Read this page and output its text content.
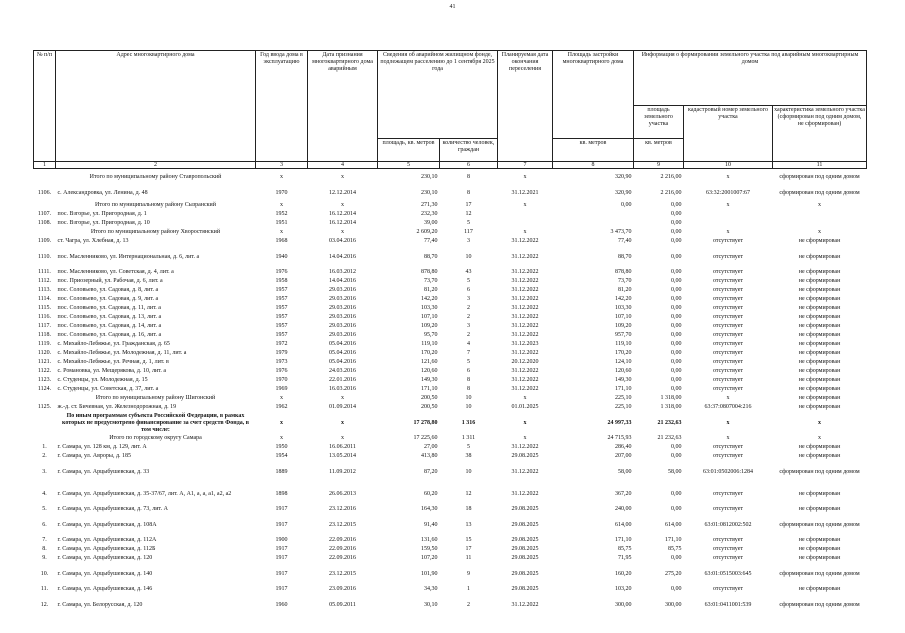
41
№ п/п	Адрес многоквартирного дома	Год ввода дома в эксплуатацию	Дата признания многоквартирного дома аварийным	Сведения об аварийном жилищном фонде, подлежащем расселению до 1 сентября 2025 года		Планируемая дата окончания переселения	Площадь застройки многоквартирного дома	Информация о формировании земельного участка под аварийным многоквартирным домом		
								площадь земельного участка	кадастровый номер земельного участка	характеристика земельного участка (сформирован под одним домом, не сформирован)
				площадь, кв. метров	количество человек, граждан		кв. метров	кв. метров		
1	2	3	4	5	6	7	8	9	10	11
	Итого по муниципальному району Ставропольский	x	x	230,10	8	x	320,90	2 216,00	x	сформирован под одним домом
1106.	с. Александровка, ул. Ленина, д. 48	1970	12.12.2014	230,10	8	31.12.2021	320,90	2 216,00	63:32:2001007:67	сформирован под одним домом
	Итого по муниципальному району Сызранский	x	x	271,30	17	x	0,00	0,00	x	x
1107.	пос. Взгорье, ул. Пригородная, д. 1	1952	16.12.2014	232,30	12			0,00		
1108.	пос. Взгорье, ул. Пригородная, д. 10	1951	16.12.2014	39,00	5			0,00		
	Итого по муниципальному району Хворостянский	x	x	2 609,20	117	x	3 473,70	0,00	x	x
1109.	ст. Чагра, ул. Хлебная, д. 13	1968	03.04.2016	77,40	3	31.12.2022	77,40	0,00	отсутствует	не сформирован
1110.	пос. Масленниково, ул. Интернациональная, д. 6, лит. а	1940	14.04.2016	88,70	10	31.12.2022	88,70	0,00	отсутствует	не сформирован
1111.	пос. Масленниково, ул. Советская, д. 4, лит. а	1976	16.03.2012	878,80	43	31.12.2022	878,80	0,00	отсутствует	не сформирован
1112.	пос. Приозерный, ул. Рабочая, д. 6, лит. а	1958	14.04.2016	73,70	5	31.12.2022	73,70	0,00	отсутствует	не сформирован
1113.	пос. Соловьево, ул. Садовая, д. 8, лит. а	1957	29.03.2016	81,20	6	31.12.2022	81,20	0,00	отсутствует	не сформирован
1114.	пос. Соловьево, ул. Садовая, д. 9, лит. а	1957	29.03.2016	142,20	3	31.12.2022	142,20	0,00	отсутствует	не сформирован
1115.	пос. Соловьево, ул. Садовая, д. 11, лит. а	1957	29.03.2016	103,30	2	31.12.2022	103,30	0,00	отсутствует	не сформирован
1116.	пос. Соловьево, ул. Садовая, д. 13, лит. а	1957	29.03.2016	107,10	2	31.12.2022	107,10	0,00	отсутствует	не сформирован
1117.	пос. Соловьево, ул. Садовая, д. 14, лит. а	1957	29.03.2016	109,20	3	31.12.2022	109,20	0,00	отсутствует	не сформирован
1118.	пос. Соловьево, ул. Садовая, д. 16, лит. а	1957	29.03.2016	95,70	2	31.12.2022	957,70	0,00	отсутствует	не сформирован
1119.	с. Михайло-Лебяжье, ул. Гражданская, д. 65	1972	05.04.2016	119,10	4	31.12.2023	119,10	0,00	отсутствует	не сформирован
1120.	с. Михайло-Лебяжье, ул. Молодежная, д. 11, лит. а	1979	05.04.2016	170,20	7	31.12.2022	170,20	0,00	отсутствует	не сформирован
1121.	с. Михайло-Лебяжье, ул. Речная, д. 1, лит. в	1973	05.04.2016	121,60	5	20.12.2020	124,10	0,00	отсутствует	не сформирован
1122.	с. Романовка, ул. Мещерякова, д. 10, лит. а	1976	24.03.2016	120,60	6	31.12.2022	120,60	0,00	отсутствует	не сформирован
1123.	с. Студенцы, ул. Молодежная, д. 15	1970	22.01.2016	149,30	8	31.12.2022	149,30	0,00	отсутствует	не сформирован
1124.	с. Студенцы, ул. Советская, д. 37, лит. а	1969	16.03.2016	171,10	8	31.12.2022	171,10	0,00	отсутствует	не сформирован
	Итого по муниципальному району Шигонский	x	x	200,50	10	x	225,10	1 318,00	x	не сформирован
1125.	ж.-д. ст. Бичевная, ул. Железнодорожная, д. 19	1962	01.09.2014	200,50	10	01.01.2025	225,10	1 318,00	63:37:0807004:216	не сформирован
	По иным программам субъекта Российской Федерации, в рамках которых не предусмотрено финансирование за счет средств Фонда, в том числе:	x	x	17 278,80	1 316	x	24 997,33	21 232,63	x	x
	Итого по городскому округу Самара	x	x	17 225,60	1 311	x	24 715,93	21 232,63	x	x
1.	г. Самара, ул. 128 км, д. 129, лит. А	1950	16.06.2011	27,00	5	31.12.2022	286,40	0,00	отсутствует	не сформирован
2.	г. Самара, ул. Авроры, д. 185	1954	13.05.2014	413,80	38	29.08.2025	207,00	0,00	отсутствует	не сформирован
3.	г. Самара, ул. Арцыбушевская, д. 33	1889	11.09.2012	87,20	10	31.12.2022	58,00	58,00	63:01:0502006:1284	сформирован под одним домом
4.	г. Самара, ул. Арцыбушевская, д. 35-37/67, лит. А, А1, а, а, а1, а2, а2	1898	26.06.2013	60,20	12	31.12.2022	367,20	0,00	отсутствует	не сформирован
5.	г. Самара, ул. Арцыбушевская, д. 73, лит. А	1917	23.12.2016	164,30	18	29.08.2025	240,00	0,00	отсутствует	не сформирован
6.	г. Самара, ул. Арцыбушевская, д. 108А	1917	23.12.2015	91,40	13	29.08.2025	614,00	614,00	63:01:0812002:502	сформирован под одним домом
7.	г. Самара, ул. Арцыбушевская, д. 112А	1900	22.09.2016	131,60	15	29.08.2025	171,10	171,10	отсутствует	не сформирован
8.	г. Самара, ул. Арцыбушевская, д. 112Б	1917	22.09.2016	159,50	17	29.08.2025	85,75	85,75	отсутствует	не сформирован
9.	г. Самара, ул. Арцыбушевская, д. 120	1917	22.09.2016	107,20	11	29.08.2025	71,95	0,00	отсутствует	не сформирован
10.	г. Самара, ул. Арцыбушевская, д. 140	1917	23.12.2015	101,90	9	29.08.2025	160,20	275,20	63:01:0515003:645	сформирован под одним домом
11.	г. Самара, ул. Арцыбушевская, д. 146	1917	23.09.2016	34,30	1	29.08.2025	103,20	0,00	отсутствует	не сформирован
12.	г. Самара, ул. Белорусская, д. 120	1960	05.09.2011	30,10	2	31.12.2022	300,00	300,00	63:01:0411001:539	сформирован под одним домом
